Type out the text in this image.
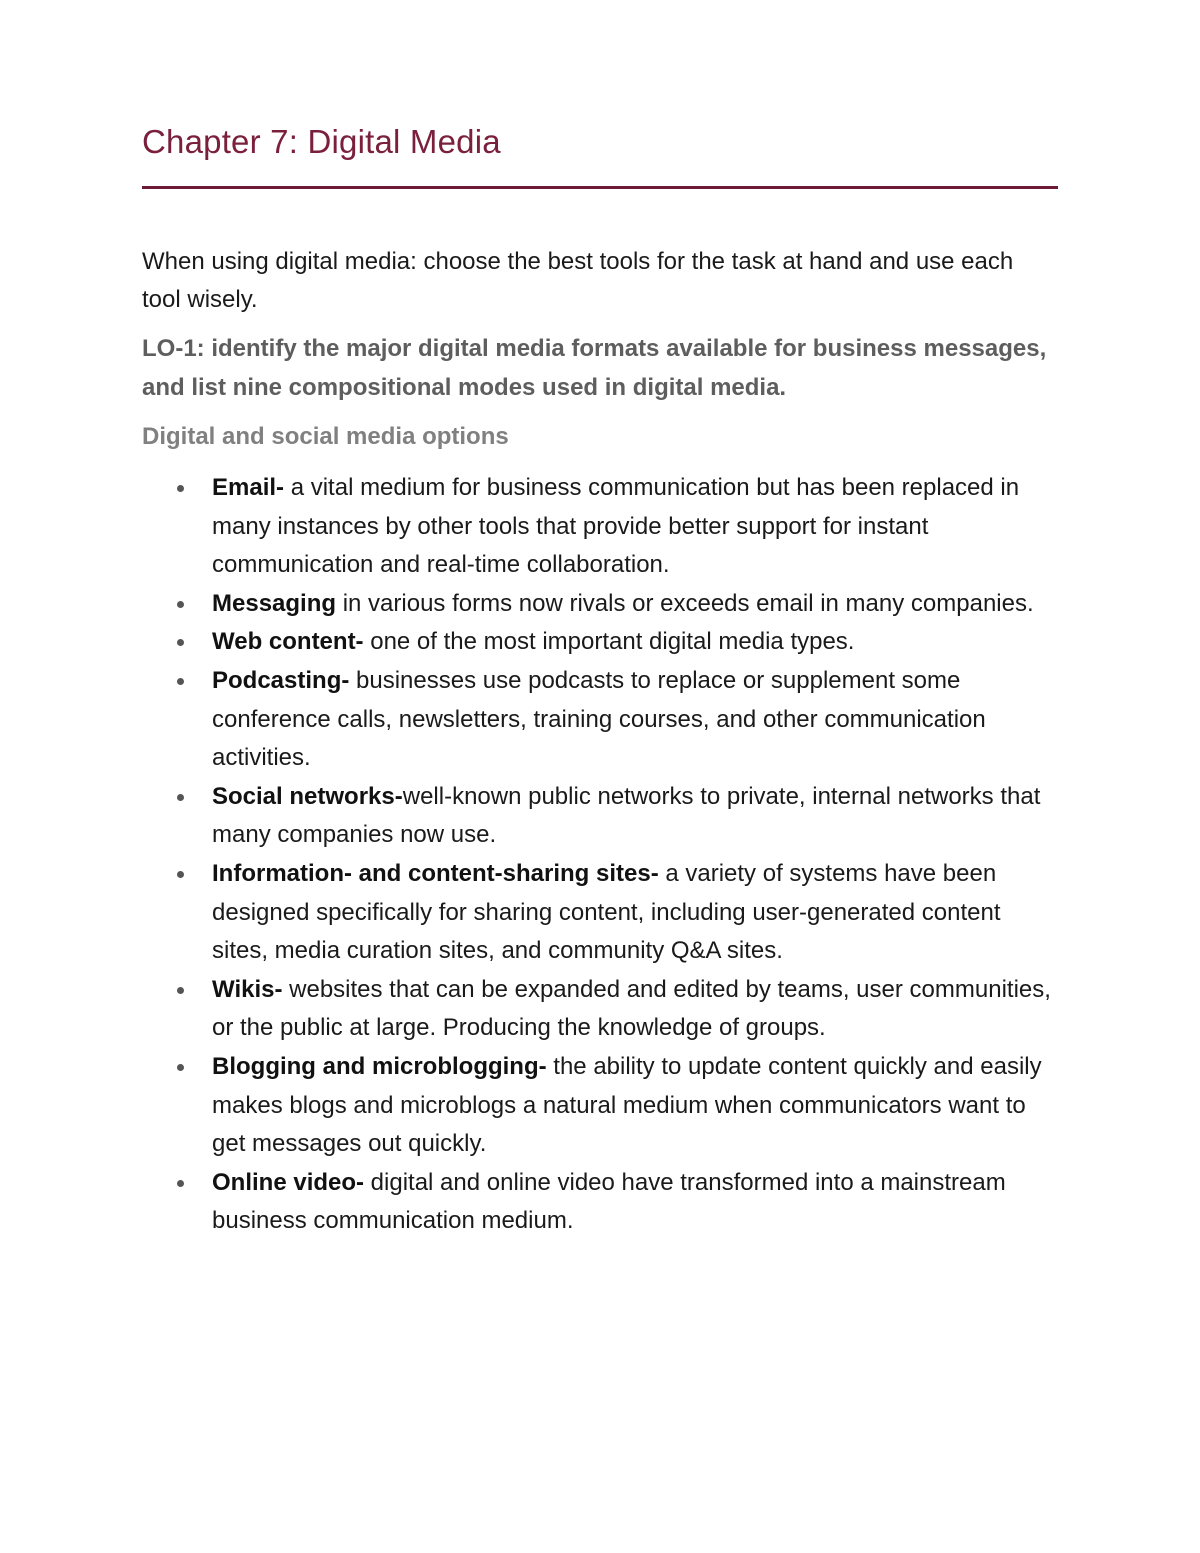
Chapter 7: Digital Media

When using digital media: choose the best tools for the task at hand and use each tool wisely.

LO-1: identify the major digital media formats available for business messages, and list nine compositional modes used in digital media.

Digital and social media options

Email- a vital medium for business communication but has been replaced in many instances by other tools that provide better support for instant communication and real-time collaboration.
Messaging in various forms now rivals or exceeds email in many companies.
Web content- one of the most important digital media types.
Podcasting- businesses use podcasts to replace or supplement some conference calls, newsletters, training courses, and other communication activities.
Social networks-well-known public networks to private, internal networks that many companies now use.
Information- and content-sharing sites- a variety of systems have been designed specifically for sharing content, including user-generated content sites, media curation sites, and community Q&A sites.
Wikis- websites that can be expanded and edited by teams, user communities, or the public at large. Producing the knowledge of groups.
Blogging and microblogging- the ability to update content quickly and easily makes blogs and microblogs a natural medium when communicators want to get messages out quickly.
Online video- digital and online video have transformed into a mainstream business communication medium.
